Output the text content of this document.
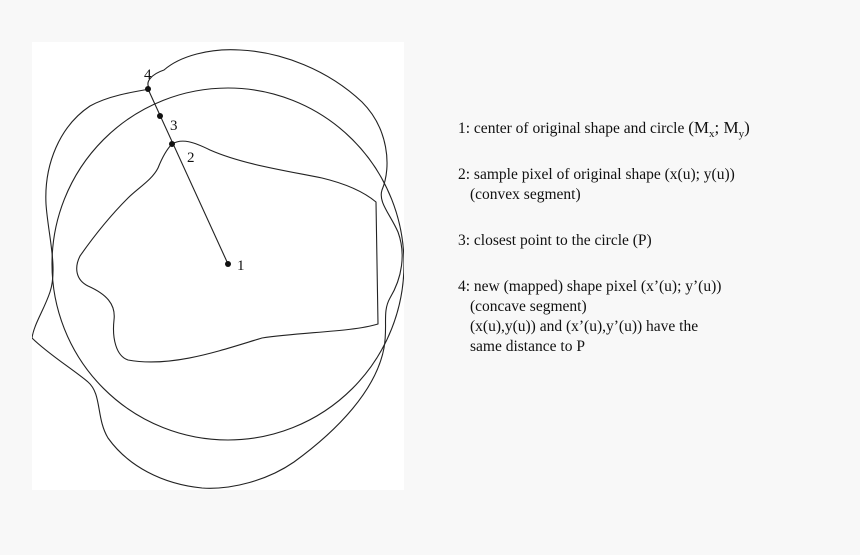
1
2
3
4
1: center of original shape and circle ($M_x$; $M_y$)
2: sample pixel of original shape (x(u); y(u))
(convex segment)
3: closest point to the circle (P)
4: new (mapped) shape pixel (x’(u); y’(u))
(concave segment)
(x(u),y(u)) and (x’(u),y’(u)) have the
same distance to P
